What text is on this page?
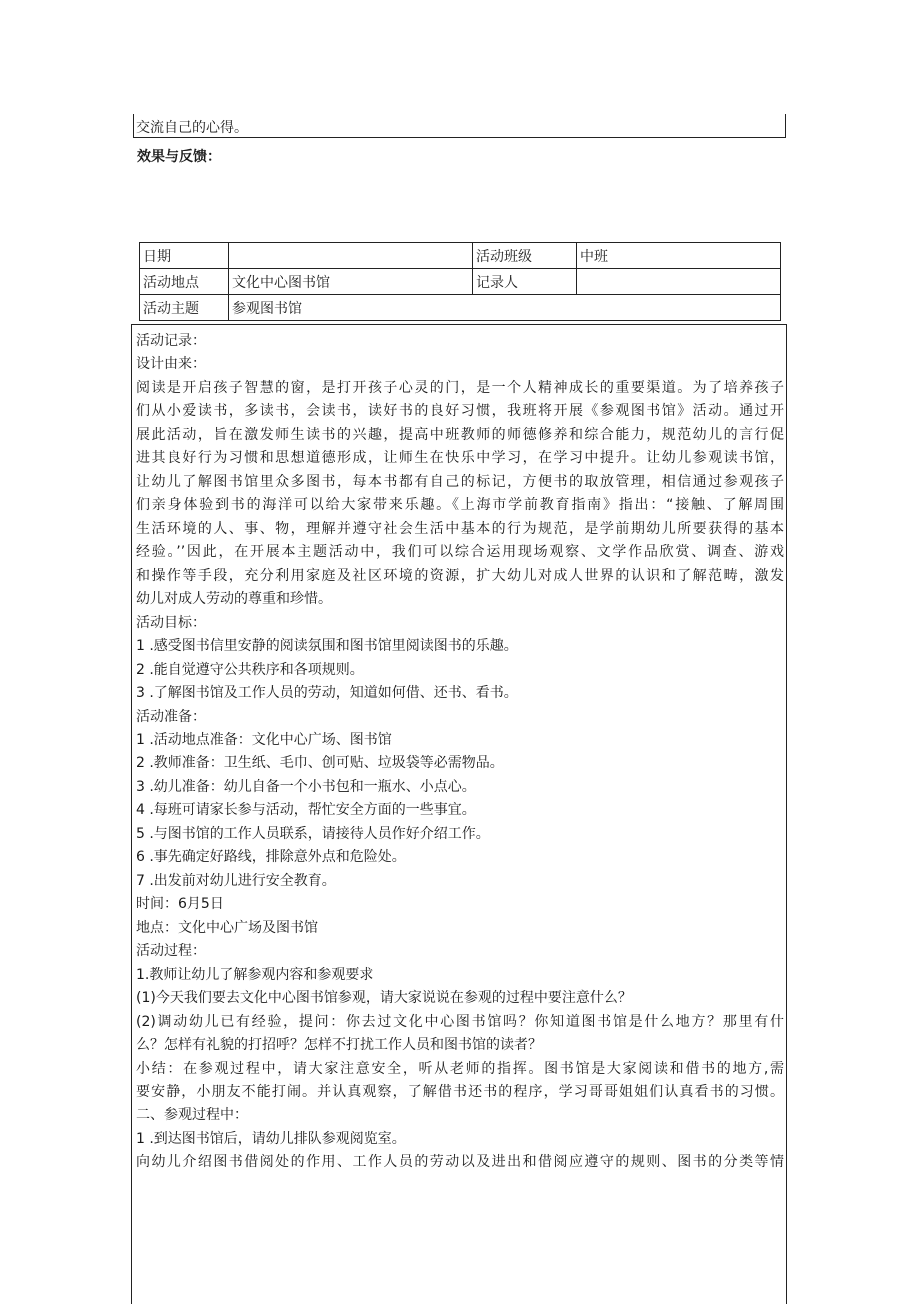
交流自己的心得。
效果与反馈：
日期		活动班级	中班
活动地点	文化中心图书馆	记录人	
活动主题	参观图书馆		
活动记录：
设计由来：
阅读是开启孩子智慧的窗，是打开孩子心灵的门，是一个人精神成长的重要渠道。为了培养孩子
们从小爱读书，多读书，会读书，读好书的良好习惯，我班将开展《参观图书馆》活动。通过开
展此活动，旨在激发师生读书的兴趣，提高中班教师的师德修养和综合能力，规范幼儿的言行促
进其良好行为习惯和思想道德形成，让师生在快乐中学习，在学习中提升。让幼儿参观读书馆，
让幼儿了解图书馆里众多图书，每本书都有自己的标记，方便书的取放管理，相信通过参观孩子
们亲身体验到书的海洋可以给大家带来乐趣。《上海市学前教育指南》指出：“接触、了解周围
生活环境的人、事、物，理解并遵守社会生活中基本的行为规范，是学前期幼儿所要获得的基本
经验。’’因此，在开展本主题活动中，我们可以综合运用现场观察、文学作品欣赏、调查、游戏
和操作等手段，充分利用家庭及社区环境的资源，扩大幼儿对成人世界的认识和了解范畴，激发
幼儿对成人劳动的尊重和珍惜。
活动目标：
1 .感受图书信里安静的阅读氛围和图书馆里阅读图书的乐趣。
2 .能自觉遵守公共秩序和各项规则。
3 .了解图书馆及工作人员的劳动，知道如何借、还书、看书。
活动准备：
1 .活动地点准备：文化中心广场、图书馆
2 .教师准备：卫生纸、毛巾、创可贴、垃圾袋等必需物品。
3 .幼儿准备：幼儿自备一个小书包和一瓶水、小点心。
4 .每班可请家长参与活动，帮忙安全方面的一些事宜。
5 .与图书馆的工作人员联系，请接待人员作好介绍工作。
6 .事先确定好路线，排除意外点和危险处。
7 .出发前对幼儿进行安全教育。
时间：6月5日
地点：文化中心广场及图书馆
活动过程：
1.教师让幼儿了解参观内容和参观要求
(1)今天我们要去文化中心图书馆参观，请大家说说在参观的过程中要注意什么？
(2)调动幼儿已有经验，提问：你去过文化中心图书馆吗？你知道图书馆是什么地方？那里有什
么？怎样有礼貌的打招呼？怎样不打扰工作人员和图书馆的读者？
小结：在参观过程中，请大家注意安全，听从老师的指挥。图书馆是大家阅读和借书的地方,需
要安静，小朋友不能打闹。并认真观察，了解借书还书的程序，学习哥哥姐姐们认真看书的习惯。
二、参观过程中：
1 .到达图书馆后，请幼儿排队参观阅览室。
向幼儿介绍图书借阅处的作用、工作人员的劳动以及进出和借阅应遵守的规则、图书的分类等情
